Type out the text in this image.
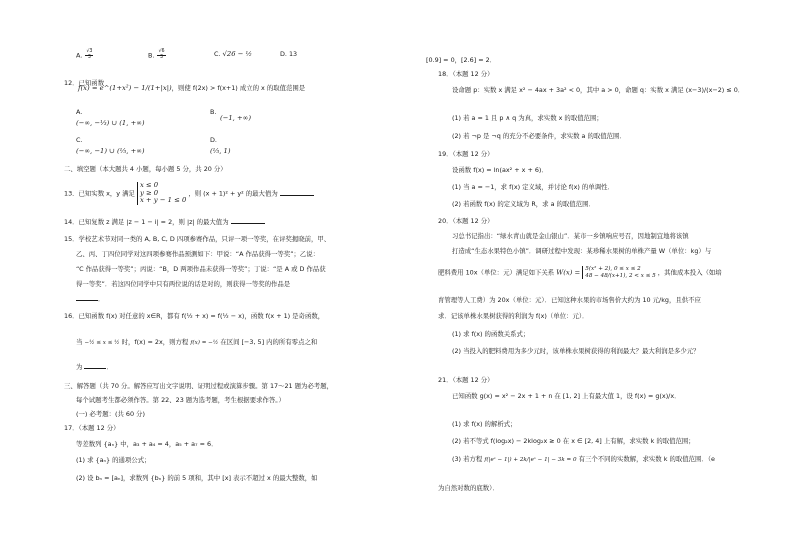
A. $\frac{√3}{3}$	B. $\frac{√6}{3}$	C. √26 − ½	D. 13
12．已知函数
f(x) = e^(1+x²) − 1/(1+|x|)，则使 f(2x) > f(x+1) 成立的 x 的取值范围是
A.
(−∞, −⅓) ∪ (1, +∞)
B.
(−1, +∞)
C.
(−∞, −1) ∪ (⅓, +∞)
D.
(⅓, 1)
二、填空题（本大题共 4 小题，每小题 5 分，共 20 分）
13．已知实数 x，y 满足 x ≤ 0
y ≥ 0
x + y − 1 ≤ 0 ，则 (x + 1)² + y² 的最大值为
14．已知复数 z 满足 |z − 1 − i| = 2，则 |z| 的最大值为
15．学校艺术节对同一类的 A, B, C, D 四项参赛作品，只评一项一等奖，在评奖揭晓前，甲、
乙、丙、丁四位同学对这四项参赛作品预测如下：甲说：“A 作品获得一等奖”；乙说：
“C 作品获得一等奖”；丙说：“B，D 两项作品未获得一等奖”；丁说：“是 A 或 D 作品获
得一等奖”．若这四位同学中只有两位说的话是对的，则获得一等奖的作品是
．
16．已知函数 f(x) 对任意的 x∈R，都有 f(½ + x) = f(½ − x)，函数 f(x + 1) 是奇函数，
当 −½ ≤ x ≤ ½ 时，f(x) = 2x，则方程 f(x) = −½ 在区间 [−3, 5] 内的所有零点之和
为	．
三、解答题（共 70 分。解答应写出文字说明、证明过程或演算步骤。第 17～21 题为必考题，
每个试题考生都必须作答。第 22、23 题为选考题，考生根据要求作答。）
(一) 必考题：(共 60 分)
17．（本题 12 分）
等差数列 {aₙ} 中，a₃ + a₄ = 4，a₅ + a₇ = 6．
(1) 求 {aₙ} 的通项公式；
(2) 设 bₙ = [aₙ]，求数列 {bₙ} 的前 5 项和，其中 [x] 表示不超过 x 的最大整数，如
[0.9] = 0，[2.6] = 2．
18．（本题 12 分）
设命题 p：实数 x 满足 x² − 4ax + 3a² < 0，其中 a > 0，命题 q：实数 x 满足 (x−3)/(x−2) ≤ 0．
(1) 若 a = 1 且 p ∧ q 为真，求实数 x 的取值范围；
(2) 若 ¬p 是 ¬q 的充分不必要条件，求实数 a 的取值范围．
19．（本题 12 分）
设函数 f(x) = ln(ax² + x + 6)．
(1) 当 a = −1，求 f(x) 定义域，并讨论 f(x) 的单调性．
(2) 若函数 f(x) 的定义域为 R，求 a 的取值范围．
20．（本题 12 分）
习总书记指出：“绿水青山就是金山银山”．某市一乡镇响应号召，因地制宜地将该镇
打造成“生态水果特色小镇”．调研过程中发现：某珍稀水果树的单株产量 W（单位：kg）与
肥料费用 10x（单位：元）满足如下关系 W(x) = 5(x² + 2), 0 ≤ x ≤ 2
48 − 48/(x+1), 2 < x ≤ 5 ，其他成本投入（如培
育管理等人工费）为 20x（单位：元）．已知这种水果的市场售价大约为 10 元/kg，且供不应
求．记该单株水果树获得的利润为 f(x)（单位：元）．
(1) 求 f(x) 的函数关系式；
(2) 当投入的肥料费用为多少元时，该单株水果树获得的利润最大？最大利润是多少元？
21．（本题 12 分）
已知函数 g(x) = x² − 2x + 1 + n 在 [1, 2] 上有最大值 1，设 f(x) = g(x)/x．
(1) 求 f(x) 的解析式；
(2) 若不等式 f(log₂x) − 2klog₂x ≥ 0 在 x ∈ [2, 4] 上有解，求实数 k 的取值范围；
(3) 若方程 f(|eˣ − 1|) + 2k/|eˣ − 1| − 3k = 0 有三个不同的实数解，求实数 k 的取值范围．（e
为自然对数的底数）．
